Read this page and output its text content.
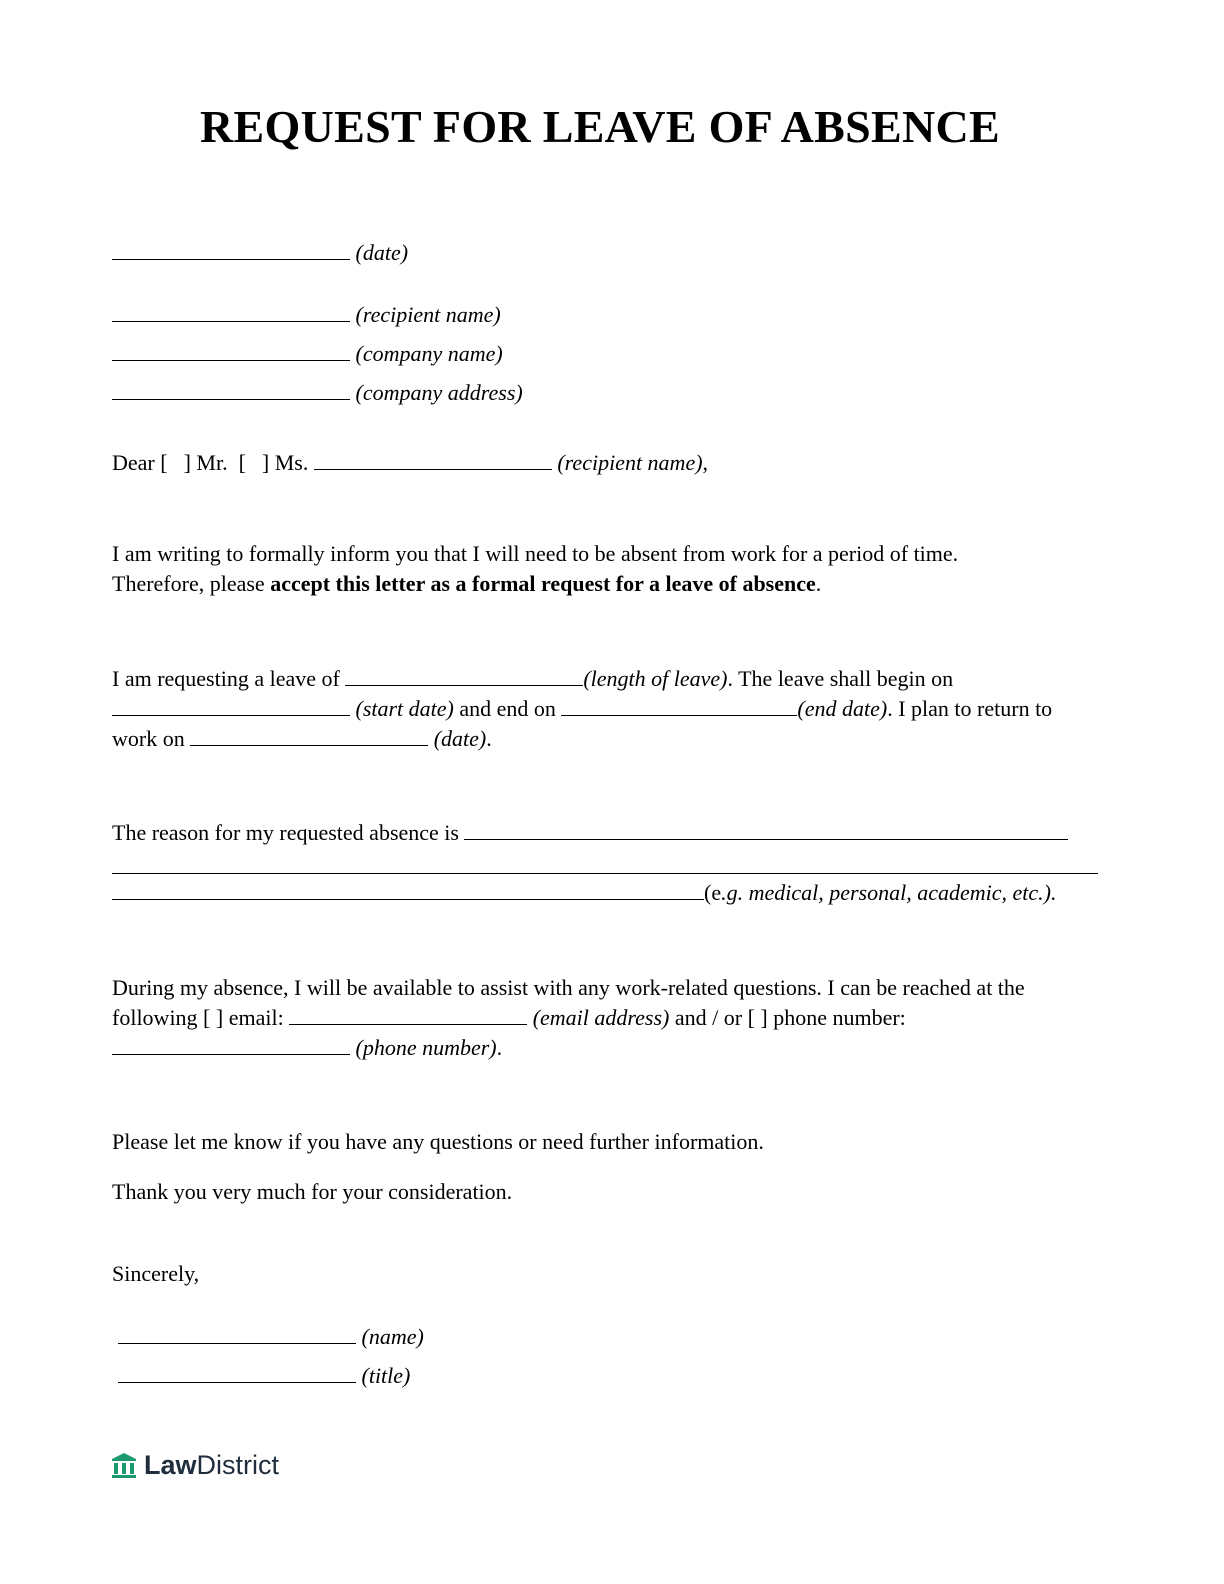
REQUEST FOR LEAVE OF ABSENCE
(date)
(recipient name)
(company name)
(company address)
Dear [ ] Mr. [ ] Ms.	(recipient name),
I am writing to formally inform you that I will need to be absent from work for a period of time.
Therefore, please accept this letter as a formal request for a leave of absence.
I am requesting a leave of	(length of leave). The leave shall begin on
(start date) and end on	(end date). I plan to return to
work on	(date).
The reason for my requested absence is
(e.g. medical, personal, academic, etc.).
During my absence, I will be available to assist with any work-related questions. I can be reached at the
following [ ] email:	(email address) and / or [ ] phone number:
(phone number).
Please let me know if you have any questions or need further information.
Thank you very much for your consideration.
Sincerely,
(name)
(title)
LawDistrict
